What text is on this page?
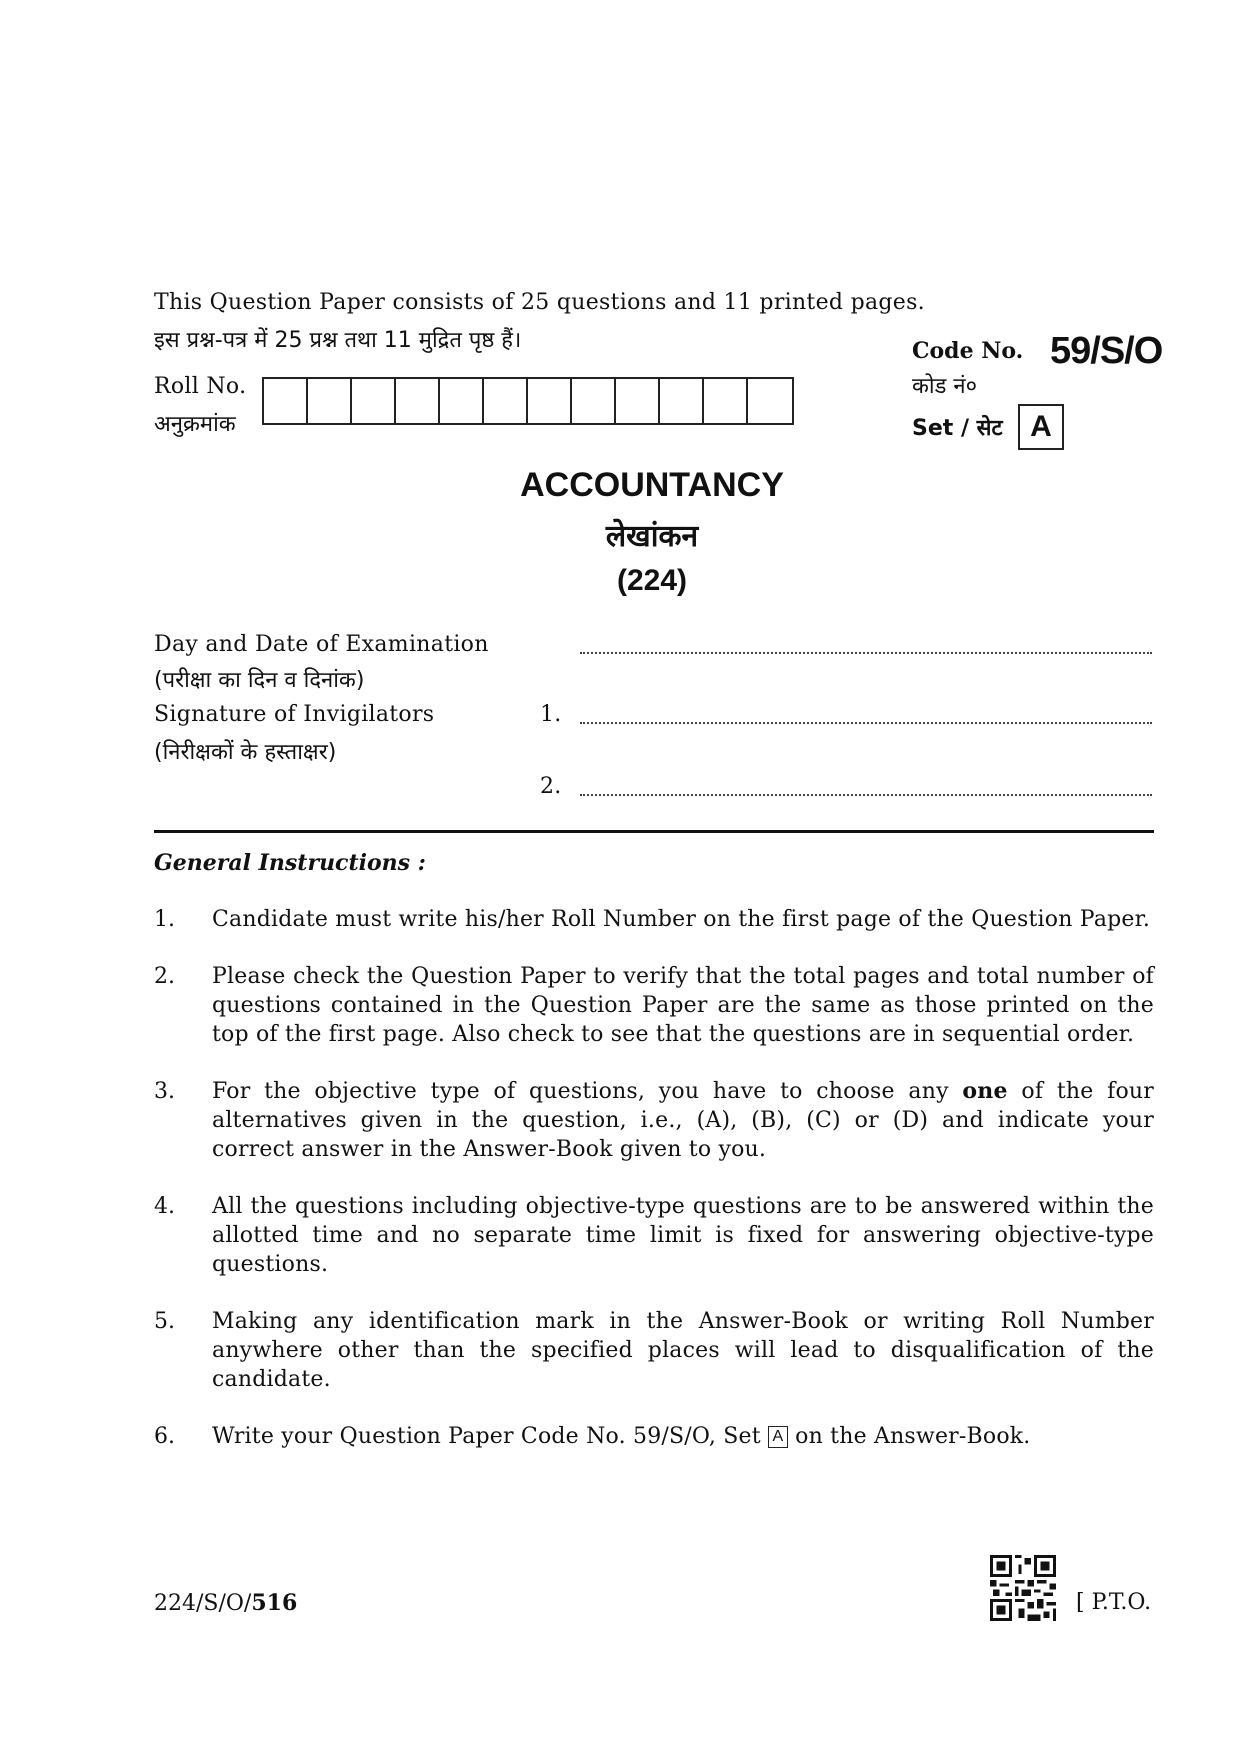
This Question Paper consists of 25 questions and 11 printed pages.
इस प्रश्न-पत्र में 25 प्रश्न तथा 11 मुद्रित पृष्ठ हैं।
Roll No.
अनुक्रमांक
Code No.
कोड नं०
59/S/O
Set / सेट A
ACCOUNTANCY
लेखांकन
(224)
Day and Date of Examination
(परीक्षा का दिन व दिनांक)
Signature of Invigilators
(निरीक्षकों के हस्ताक्षर)
1.
2.
General Instructions :
1.	Candidate must write his/her Roll Number on the first page of the Question Paper.
2.	Please check the Question Paper to verify that the total pages and total number of questions contained in the Question Paper are the same as those printed on the top of the first page. Also check to see that the questions are in sequential order.
3.	For the objective type of questions, you have to choose any one of the four alternatives given in the question, i.e., (A), (B), (C) or (D) and indicate your correct answer in the Answer-Book given to you.
4.	All the questions including objective-type questions are to be answered within the allotted time and no separate time limit is fixed for answering objective-type questions.
5.	Making any identification mark in the Answer-Book or writing Roll Number anywhere other than the specified places will lead to disqualification of the candidate.
6.	Write your Question Paper Code No. 59/S/O, Set A on the Answer-Book.
224/S/O/516	[ P.T.O.
